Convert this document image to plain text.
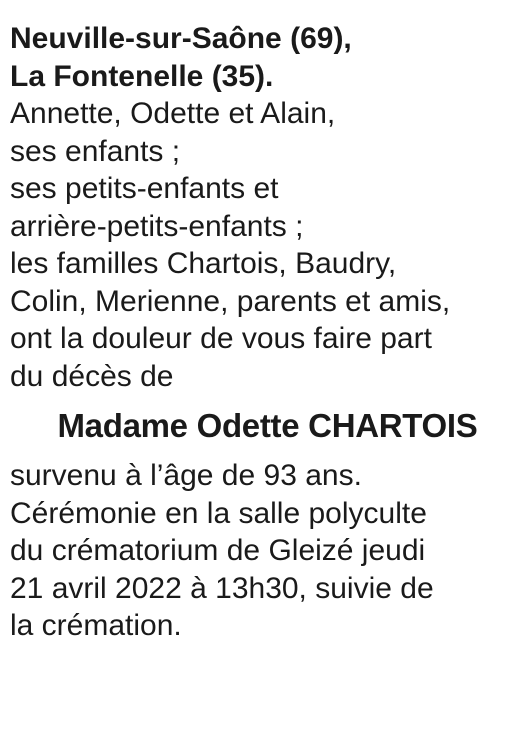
Neuville-sur-Saône (69),
La Fontenelle (35).
Annette, Odette et Alain,
ses enfants ;
ses petits-enfants et
arrière-petits-enfants ;
les familles Chartois, Baudry,
Colin, Merienne, parents et amis,
ont la douleur de vous faire part
du décès de
Madame Odette CHARTOIS
survenu à l’âge de 93 ans.
Cérémonie en la salle polyculte
du crématorium de Gleizé jeudi
21 avril 2022 à 13h30, suivie de
la crémation.
